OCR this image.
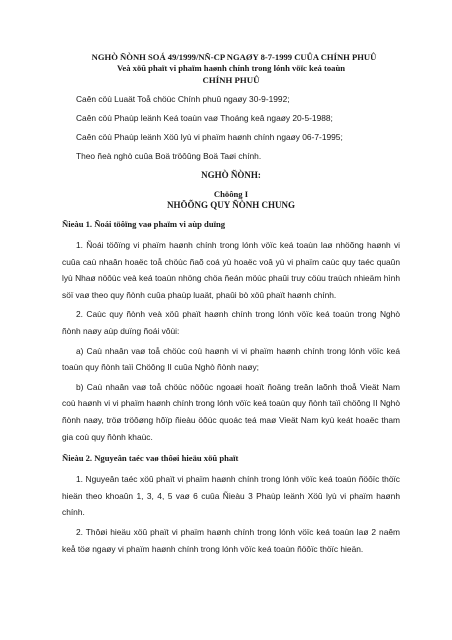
NGHÒ ÑÒNH SOÁ 49/1999/NÑ-CP NGAØY 8-7-1999 CUÛA CHÍNH PHUÛ

Veà xöû phaït vi phaïm haønh chính trong lónh vöïc keá toaùn

CHÍNH PHUÛ

Caên cöù Luaät Toå chöùc Chính phuû ngaøy 30-9-1992;

Caên cöù Phaùp leänh Keá toaùn vaø Thoáng keâ ngaøy 20-5-1988;

Caên cöù Phaùp leänh Xöû lyù vi phaïm haønh chính ngaøy 06-7-1995;

Theo ñeà nghò cuûa Boä tröôûng Boä Taøi chính.

NGHÒ ÑÒNH:

Chöông I

NHÖÕNG QUY ÑÒNH CHUNG

Ñieàu 1. Ñoái töôïng vaø phaïm vi aùp duïng

1. Ñoái töôïng vi phaïm haønh chính trong lónh vöïc keá toaùn laø nhöõng haønh vi cuûa caù nhaân hoaëc toå chöùc ñaõ coá yù hoaëc voâ yù vi phaïm caùc quy taéc quaûn lyù Nhaø nöôùc veà keá toaùn nhöng chöa ñeán möùc phaûi truy cöùu traùch nhieäm hình söï vaø theo quy ñònh cuûa phaùp luaät, phaûi bò xöû phaït haønh chính.

2. Caùc quy ñònh veà xöû phaït haønh chính trong lónh vöïc keá toaùn trong Nghò ñònh naøy aùp duïng ñoái vôùi:

a) Caù nhaân vaø toå chöùc coù haønh vi vi phaïm haønh chính trong lónh vöïc keá toaùn quy ñònh taïi Chöông II cuûa Nghò ñònh naøy;

b) Caù nhaân vaø toå chöùc nöôùc ngoaøi hoaït ñoäng treân laõnh thoå Vieät Nam coù haønh vi vi phaïm haønh chính trong lónh vöïc keá toaùn quy ñònh taïi chöông II Nghò ñònh naøy, tröø tröôøng hôïp ñieàu öôùc quoác teá maø Vieät Nam kyù keát hoaëc tham gia coù quy ñònh khaùc.

Ñieàu 2. Nguyeân taéc vaø thôøi hieäu xöû phaït

1. Nguyeân taéc xöû phaït vi phaïm haønh chính trong lónh vöïc keá toaùn ñöôïc thöïc hieän theo khoaûn 1, 3, 4, 5 vaø 6 cuûa Ñieàu 3 Phaùp leänh Xöû lyù vi phaïm haønh chính.

2. Thôøi hieäu xöû phaït vi phaïm haønh chính trong lónh vöïc keá toaùn laø 2 naêm keå töø ngaøy vi phaïm haønh chính trong lónh vöïc keá toaùn ñöôïc thöïc hieän.
